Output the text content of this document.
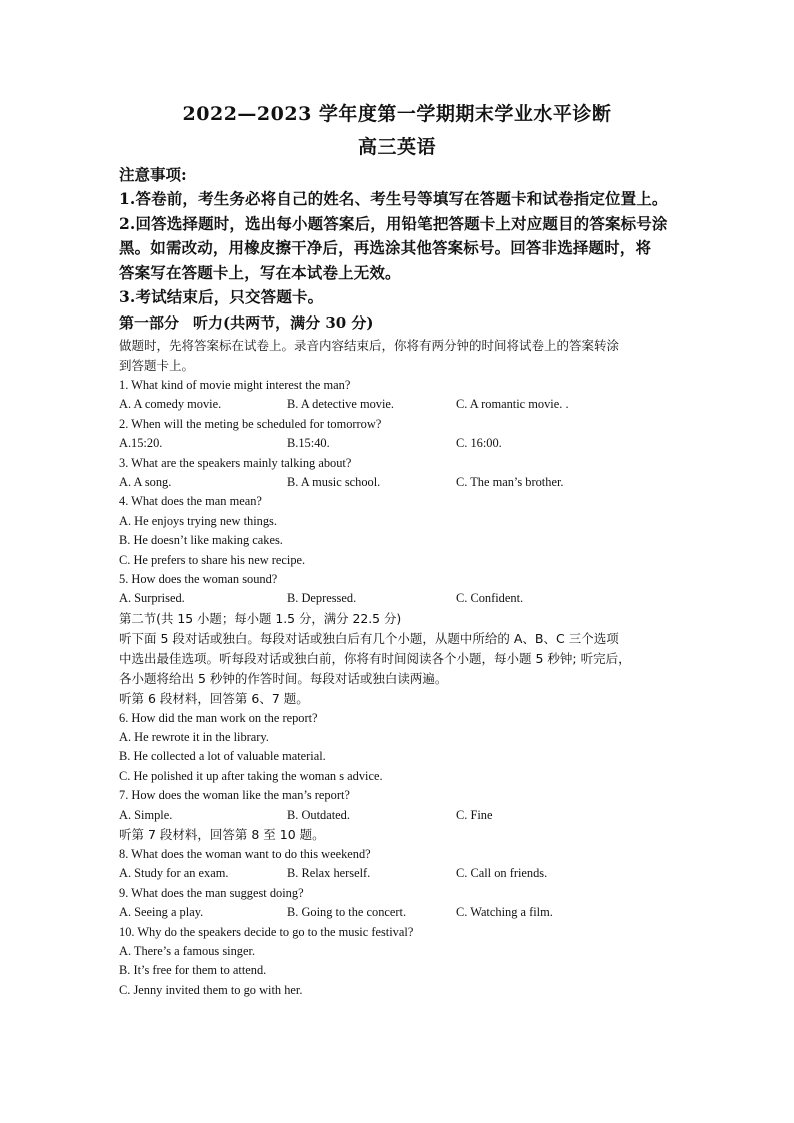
2022—2023 学年度第一学期期末学业水平诊断
高三英语
注意事项:
1.答卷前，考生务必将自己的姓名、考生号等填写在答题卡和试卷指定位置上。
2.回答选择题时，选出每小题答案后，用铅笔把答题卡上对应题目的答案标号涂
黑。如需改动，用橡皮擦干净后，再选涂其他答案标号。回答非选择题时，将
答案写在答题卡上，写在本试卷上无效。
3.考试结束后，只交答题卡。
第一部分 听力(共两节，满分 30 分)
做题时，先将答案标在试卷上。录音内容结束后，你将有两分钟的时间将试卷上的答案转涂
到答题卡上。
1. What kind of movie might interest the man?
A. A comedy movie.	B. A detective movie.	C. A romantic movie. .
2. When will the meting be scheduled for tomorrow?
A.15:20.	B.15:40.	C. 16:00.
3. What are the speakers mainly talking about?
A. A song.	B. A music school.	C. The man’s brother.
4. What does the man mean?
A. He enjoys trying new things.
B. He doesn’t like making cakes.
C. He prefers to share his new recipe.
5. How does the woman sound?
A. Surprised.	B. Depressed.	C. Confident.
第二节(共 15 小题；每小题 1.5 分，满分 22.5 分)
听下面 5 段对话或独白。每段对话或独白后有几个小题，从题中所给的 A、B、C 三个选项
中选出最佳选项。听每段对话或独白前，你将有时间阅读各个小题，每小题 5 秒钟; 听完后，
各小题将给出 5 秒钟的作答时间。每段对话或独白读两遍。
听第 6 段材料，回答第 6、7 题。
6. How did the man work on the report?
A. He rewrote it in the library.
B. He collected a lot of valuable material.
C. He polished it up after taking the woman s advice.
7. How does the woman like the man’s report?
A. Simple.	B. Outdated.	C. Fine
听第 7 段材料，回答第 8 至 10 题。
8. What does the woman want to do this weekend?
A. Study for an exam.	B. Relax herself.	C. Call on friends.
9. What does the man suggest doing?
A. Seeing a play.	B. Going to the concert.	C. Watching a film.
10. Why do the speakers decide to go to the music festival?
A. There’s a famous singer.
B. It’s free for them to attend.
C. Jenny invited them to go with her.
